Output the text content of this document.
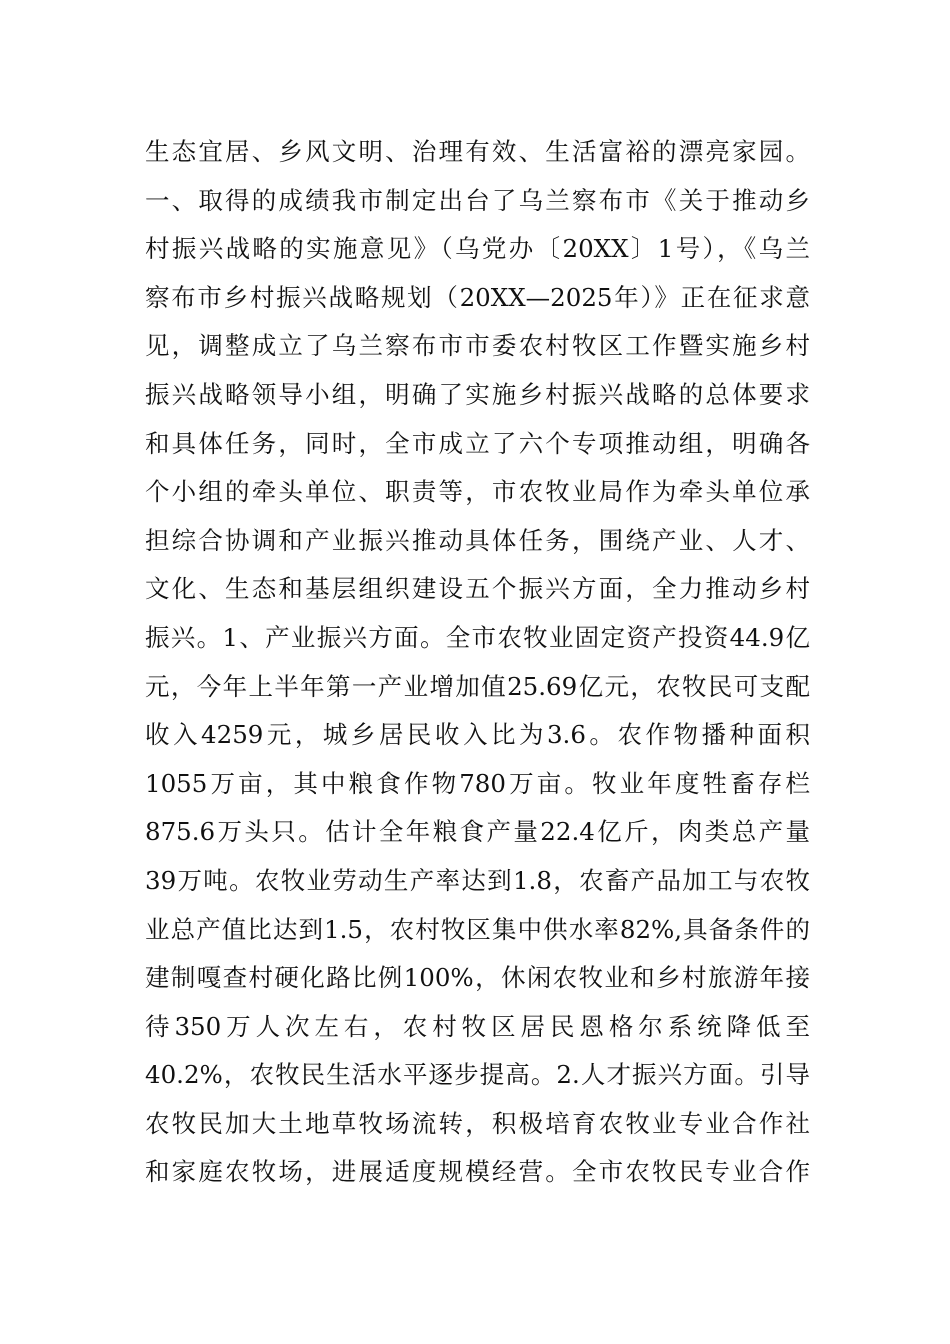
生态宜居、乡风文明、治理有效、生活富裕的漂亮家园。
一、取得的成绩我市制定出台了乌兰察布市《关于推动乡
村振兴战略的实施意见》（乌党办〔20XX〕1号），《乌兰
察布市乡村振兴战略规划（20XX—2025年）》正在征求意
见，调整成立了乌兰察布市市委农村牧区工作暨实施乡村
振兴战略领导小组，明确了实施乡村振兴战略的总体要求
和具体任务，同时，全市成立了六个专项推动组，明确各
个小组的牵头单位、职责等，市农牧业局作为牵头单位承
担综合协调和产业振兴推动具体任务，围绕产业、人才、
文化、生态和基层组织建设五个振兴方面，全力推动乡村
振兴。1、产业振兴方面。全市农牧业固定资产投资44.9亿
元，今年上半年第一产业增加值25.69亿元，农牧民可支配
收入4259元，城乡居民收入比为3.6。农作物播种面积
1055万亩，其中粮食作物780万亩。牧业年度牲畜存栏
875.6万头只。估计全年粮食产量22.4亿斤，肉类总产量
39万吨。农牧业劳动生产率达到1.8，农畜产品加工与农牧
业总产值比达到1.5，农村牧区集中供水率82%,具备条件的
建制嘎查村硬化路比例100%，休闲农牧业和乡村旅游年接
待350万人次左右，农村牧区居民恩格尔系统降低至
40.2%，农牧民生活水平逐步提高。2.人才振兴方面。引导
农牧民加大土地草牧场流转，积极培育农牧业专业合作社
和家庭农牧场，进展适度规模经营。全市农牧民专业合作
